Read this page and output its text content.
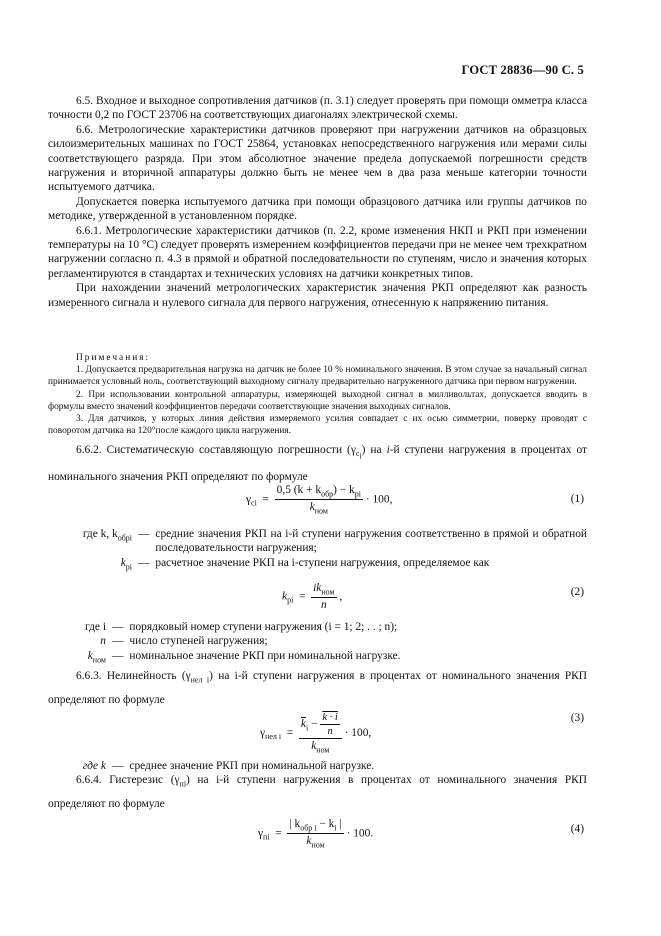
ГОСТ 28836—90 С. 5

6.5. Входное и выходное сопротивления датчиков (п. 3.1) следует проверять при помощи омметра класса точности 0,2 по ГОСТ 23706 на соответствующих диагоналях электрической схемы.

6.6. Метрологические характеристики датчиков проверяют при нагружении датчиков на образцовых силоизмерительных машинах по ГОСТ 25864, установках непосредственного нагружения или мерами силы соответствующего разряда. При этом абсолютное значение предела допускаемой погрешности средств нагружения и вторичной аппаратуры должно быть не менее чем в два раза меньше категории точности испытуемого датчика.

Допускается поверка испытуемого датчика при помощи образцового датчика или группы датчиков по методике, утвержденной в установленном порядке.

6.6.1. Метрологические характеристики датчиков (п. 2.2, кроме изменения НКП и РКП при изменении температуры на 10 °С) следует проверять измерением коэффициентов передачи при не менее чем трехкратном нагружении согласно п. 4.3 в прямой и обратной последовательности по ступеням, число и значения которых регламентируются в стандартах и технических условиях на датчики конкретных типов.

При нахождении значений метрологических характеристик значения РКП определяют как разность измеренного сигнала и нулевого сигнала для первого нагружения, отнесенную к напряжению питания.

Примечания:

1. Допускается предварительная нагрузка на датчик не более 10 % номинального значения. В этом случае за начальный сигнал принимается условный ноль, соответствующий выходному сигналу предварительно нагруженного датчика при первом нагружении.

2. При использовании контрольной аппаратуры, измеряющей выходной сигнал в милливольтах, допускается вводить в формулы вместо значений коэффициентов передачи соответствующие значения выходных сигналов.

3. Для датчиков, у которых линия действия измеряемого усилия совпадает с их осью симметрии, поверку проводят с поворотом датчика на 120°после каждого цикла нагружения.

6.6.2. Систематическую составляющую погрешности $(\gamma_{c_i})$ на i-й ступени нагружения в процентах от номинального значения РКП определяют по формуле

$\gamma_{ci} = \frac{0,5 (k + k_{обр}) - k_{pi}}{k_{ном}} \cdot 100$,	(1)
где k, $k_{обрi}$ — средние значения РКП на i-й ступени нагружения соответственно в прямой и обратной последовательности нагружения;
$k_{pi}$ — расчетное значение РКП на i-ступени нагружения, определяемое как
$k_{pi} = \frac{ik_{ном}}{n}$ ,	(2)
где i — порядковый номер ступени нагружения (i = 1; 2; . . ; n);
n — число ступеней нагружения;
$k_{ном}$ — номинальное значение РКП при номинальной нагрузке.

6.6.3. Нелинейность $(\gamma_{нел i})$ на i-й ступени нагружения в процентах от номинального значения РКП определяют по формуле

$\gamma_{нел i} = \frac{\overline{k}_i - \frac{k \cdot i}{n}}{k_{ном}} \cdot 100$,
(3)
где k — среднее значение РКП при номинальной нагрузке.

6.6.4. Гистерезис $(\gamma_{пi})$ на i-й ступени нагружения в процентах от номинального значения РКП определяют по формуле

$\gamma_{пi} = \frac{| k_{обр i} - k_i |}{k_{ном}} \cdot 100$.	(4)
